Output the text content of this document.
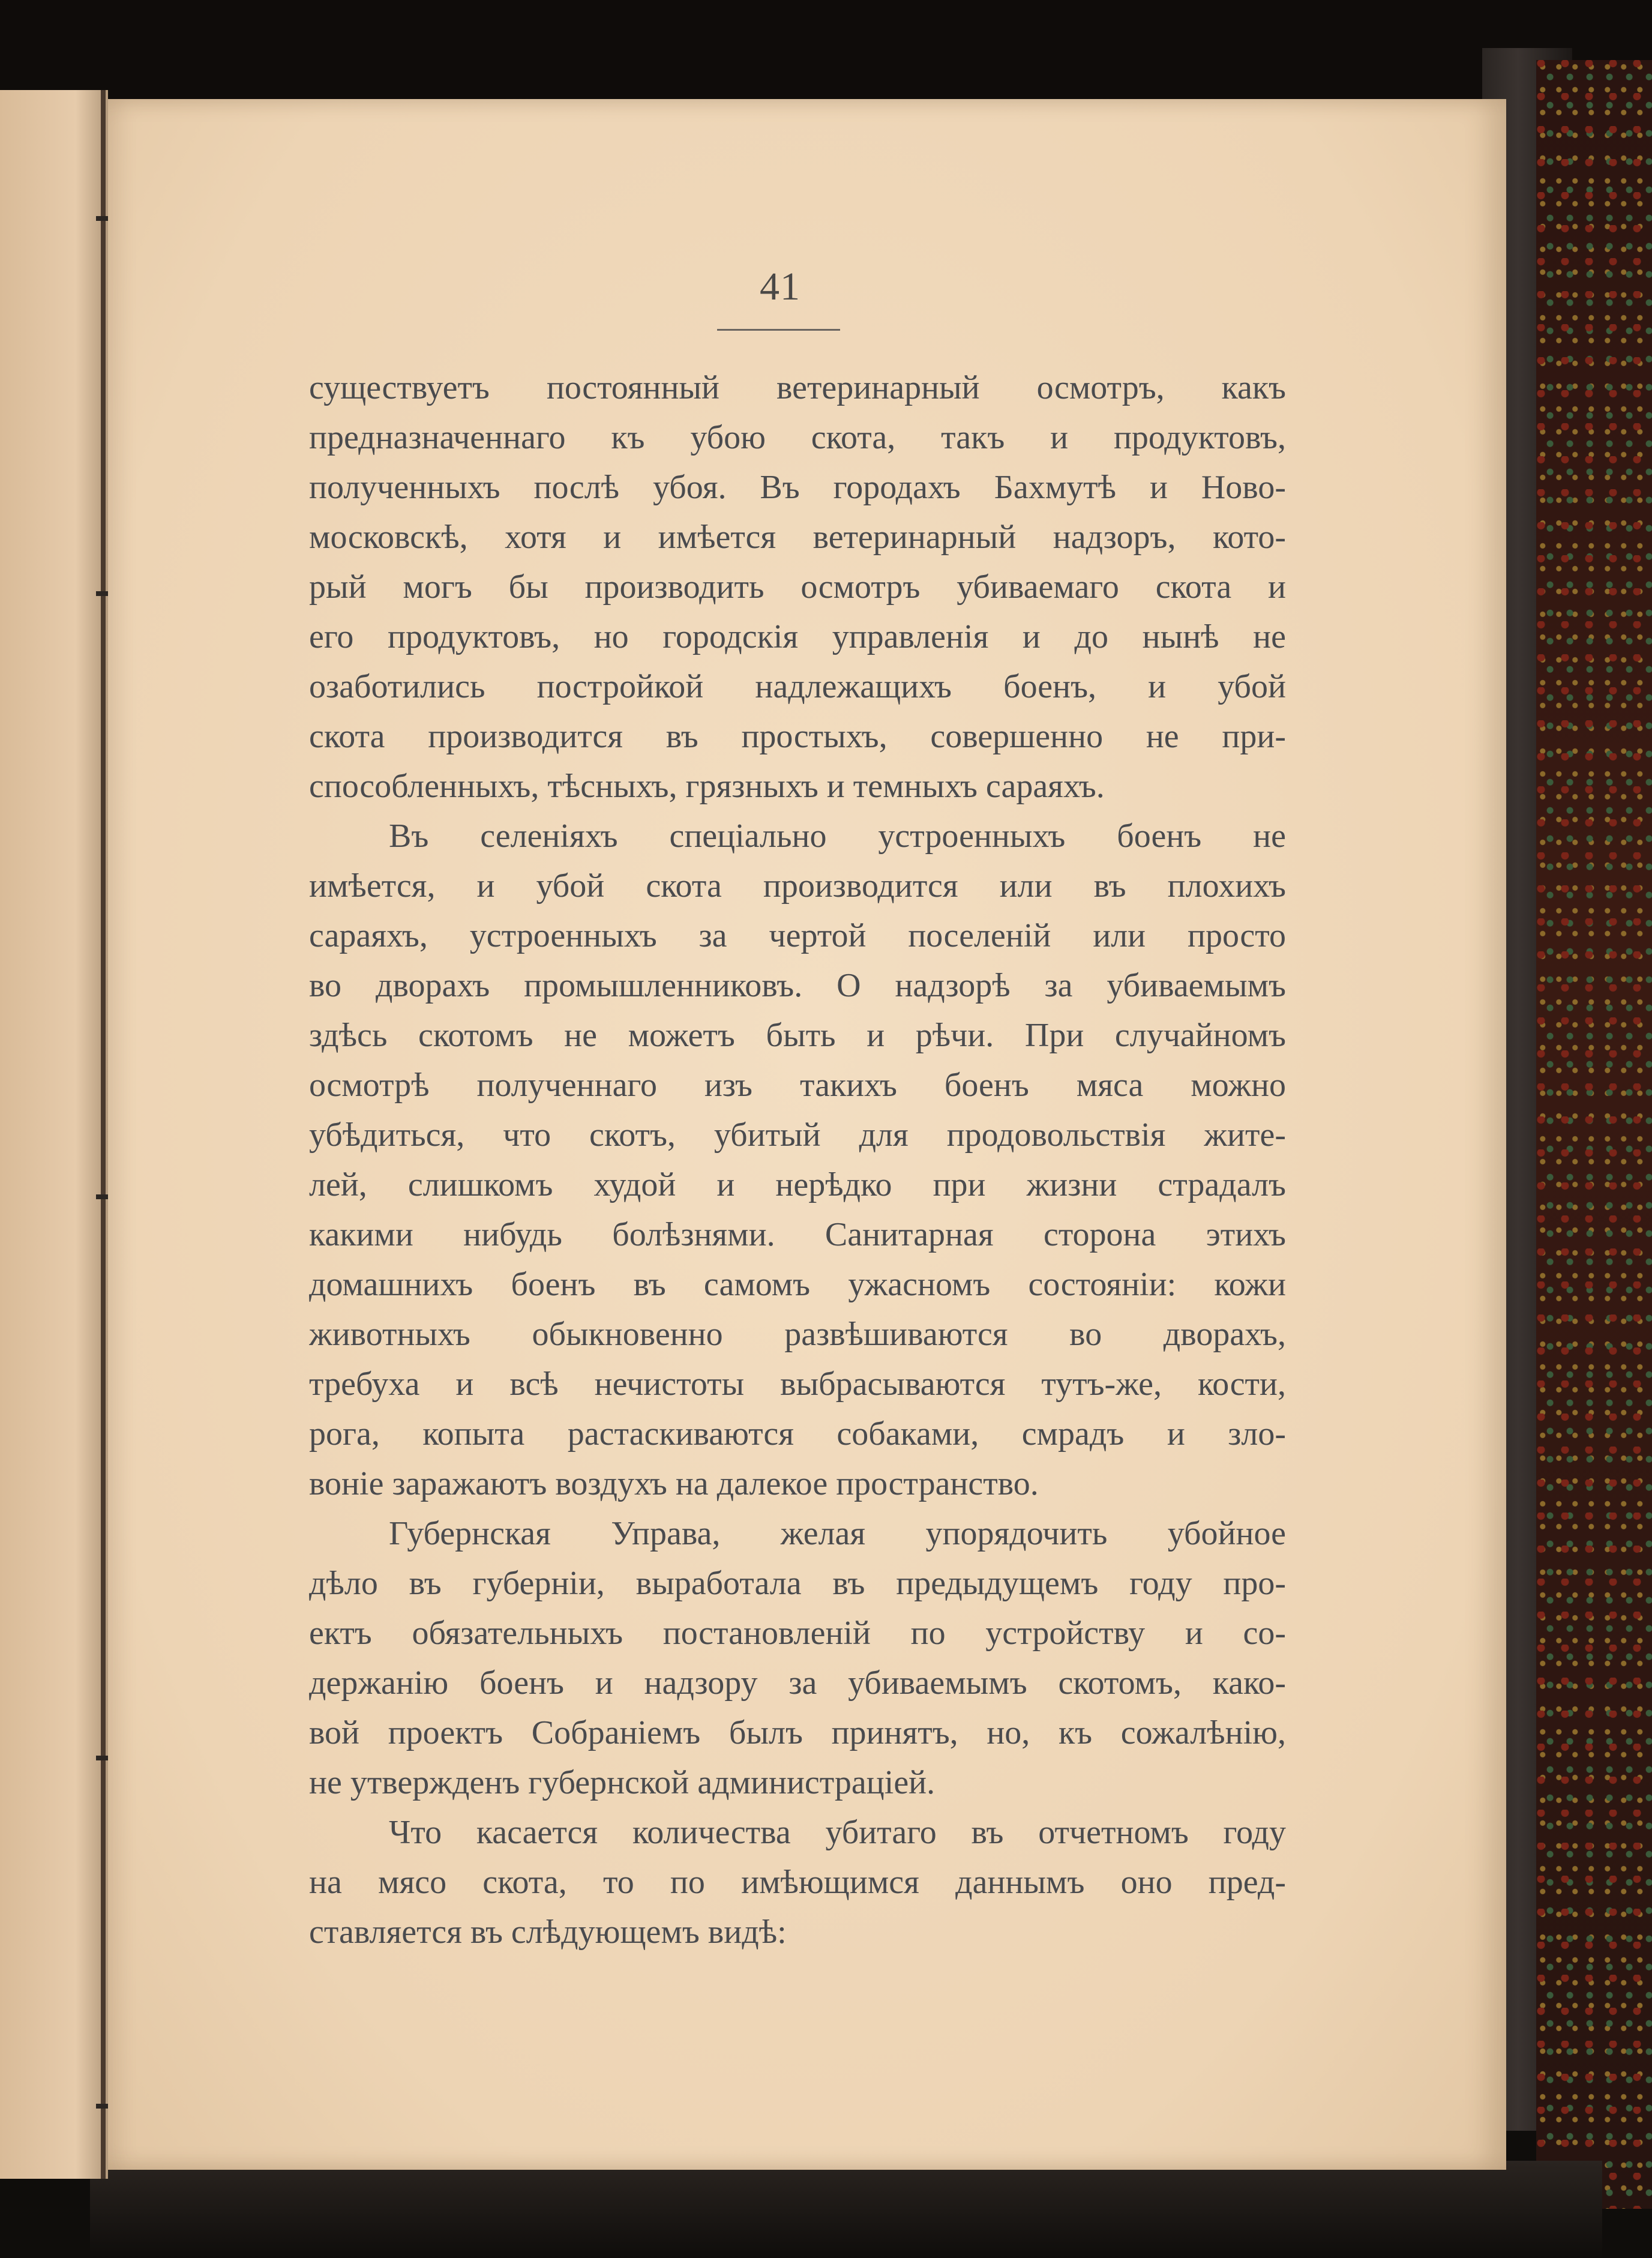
41
существуетъ постоянный ветеринарный осмотръ, какъ
предназначеннаго къ убою скота, такъ и продуктовъ,
полученныхъ послѣ убоя. Въ городахъ Бахмутѣ и Ново-
московскѣ, хотя и имѣется ветеринарный надзоръ, кото-
рый могъ бы производить осмотръ убиваемаго скота и
его продуктовъ, но городскія управленія и до нынѣ не
озаботились постройкой надлежащихъ боенъ, и убой
скота производится въ простыхъ, совершенно не при-
способленныхъ, тѣсныхъ, грязныхъ и темныхъ сараяхъ.
Въ селеніяхъ спеціально устроенныхъ боенъ не
имѣется, и убой скота производится или въ плохихъ
сараяхъ, устроенныхъ за чертой поселеній или просто
во дворахъ промышленниковъ. О надзорѣ за убиваемымъ
здѣсь скотомъ не можетъ быть и рѣчи. При случайномъ
осмотрѣ полученнаго изъ такихъ боенъ мяса можно
убѣдиться, что скотъ, убитый для продовольствія жите-
лей, слишкомъ худой и нерѣдко при жизни страдалъ
какими нибудь болѣзнями. Санитарная сторона этихъ
домашнихъ боенъ въ самомъ ужасномъ состояніи: кожи
животныхъ обыкновенно развѣшиваются во дворахъ,
требуха и всѣ нечистоты выбрасываются тутъ-же, кости,
рога, копыта растаскиваются собаками, смрадъ и зло-
воніе заражаютъ воздухъ на далекое пространство.
Губернская Управа, желая упорядочить убойное
дѣло въ губерніи, выработала въ предыдущемъ году про-
ектъ обязательныхъ постановленій по устройству и со-
держанію боенъ и надзору за убиваемымъ скотомъ, како-
вой проектъ Собраніемъ былъ принятъ, но, къ сожалѣнію,
не утвержденъ губернской администраціей.
Что касается количества убитаго въ отчетномъ году
на мясо скота, то по имѣющимся даннымъ оно пред-
ставляется въ слѣдующемъ видѣ:
